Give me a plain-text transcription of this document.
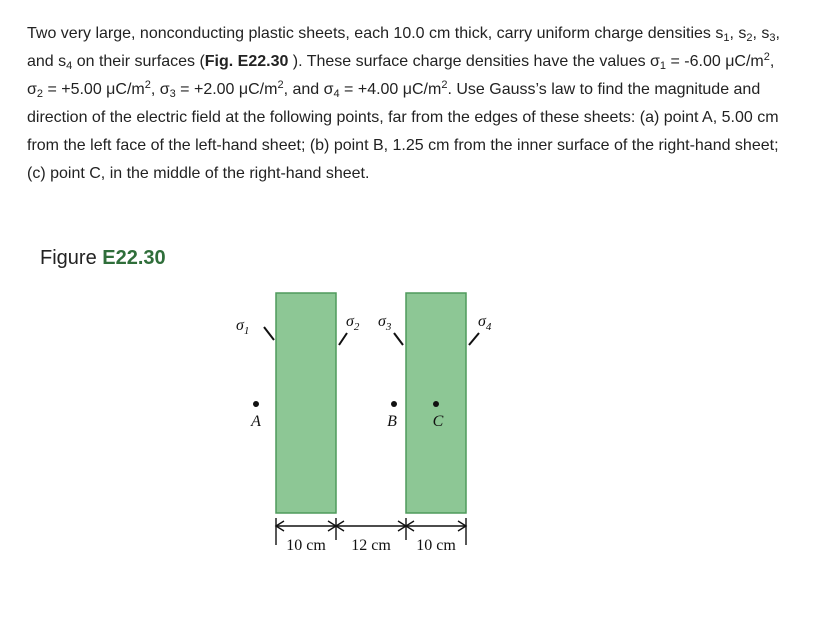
Two very large, nonconducting plastic sheets, each 10.0 cm thick, carry uniform charge densities $s_1$, $s_2$, $s_3$, and $s_4$ on their surfaces (Fig. E22.30 ). These surface charge densities have the values $\sigma_1 = -6.00$ $\mu C/m^2$, $\sigma_2 = +5.00$ $\mu C/m^2$, $\sigma_3 = +2.00$ $\mu C/m^2$, and $\sigma_4 = +4.00$ $\mu C/m^2$. Use Gauss’s law to find the magnitude and direction of the electric field at the following points, far from the edges of these sheets: (a) point A, 5.00 cm from the left face of the left-hand sheet; (b) point B, 1.25 cm from the inner surface of the right-hand sheet; (c) point C, in the middle of the right-hand sheet.

Figure E22.30
$\sigma_1$
$\sigma_2$ $\sigma_3$	$\sigma_4$
A	B C
10 cm 12 cm 10 cm
